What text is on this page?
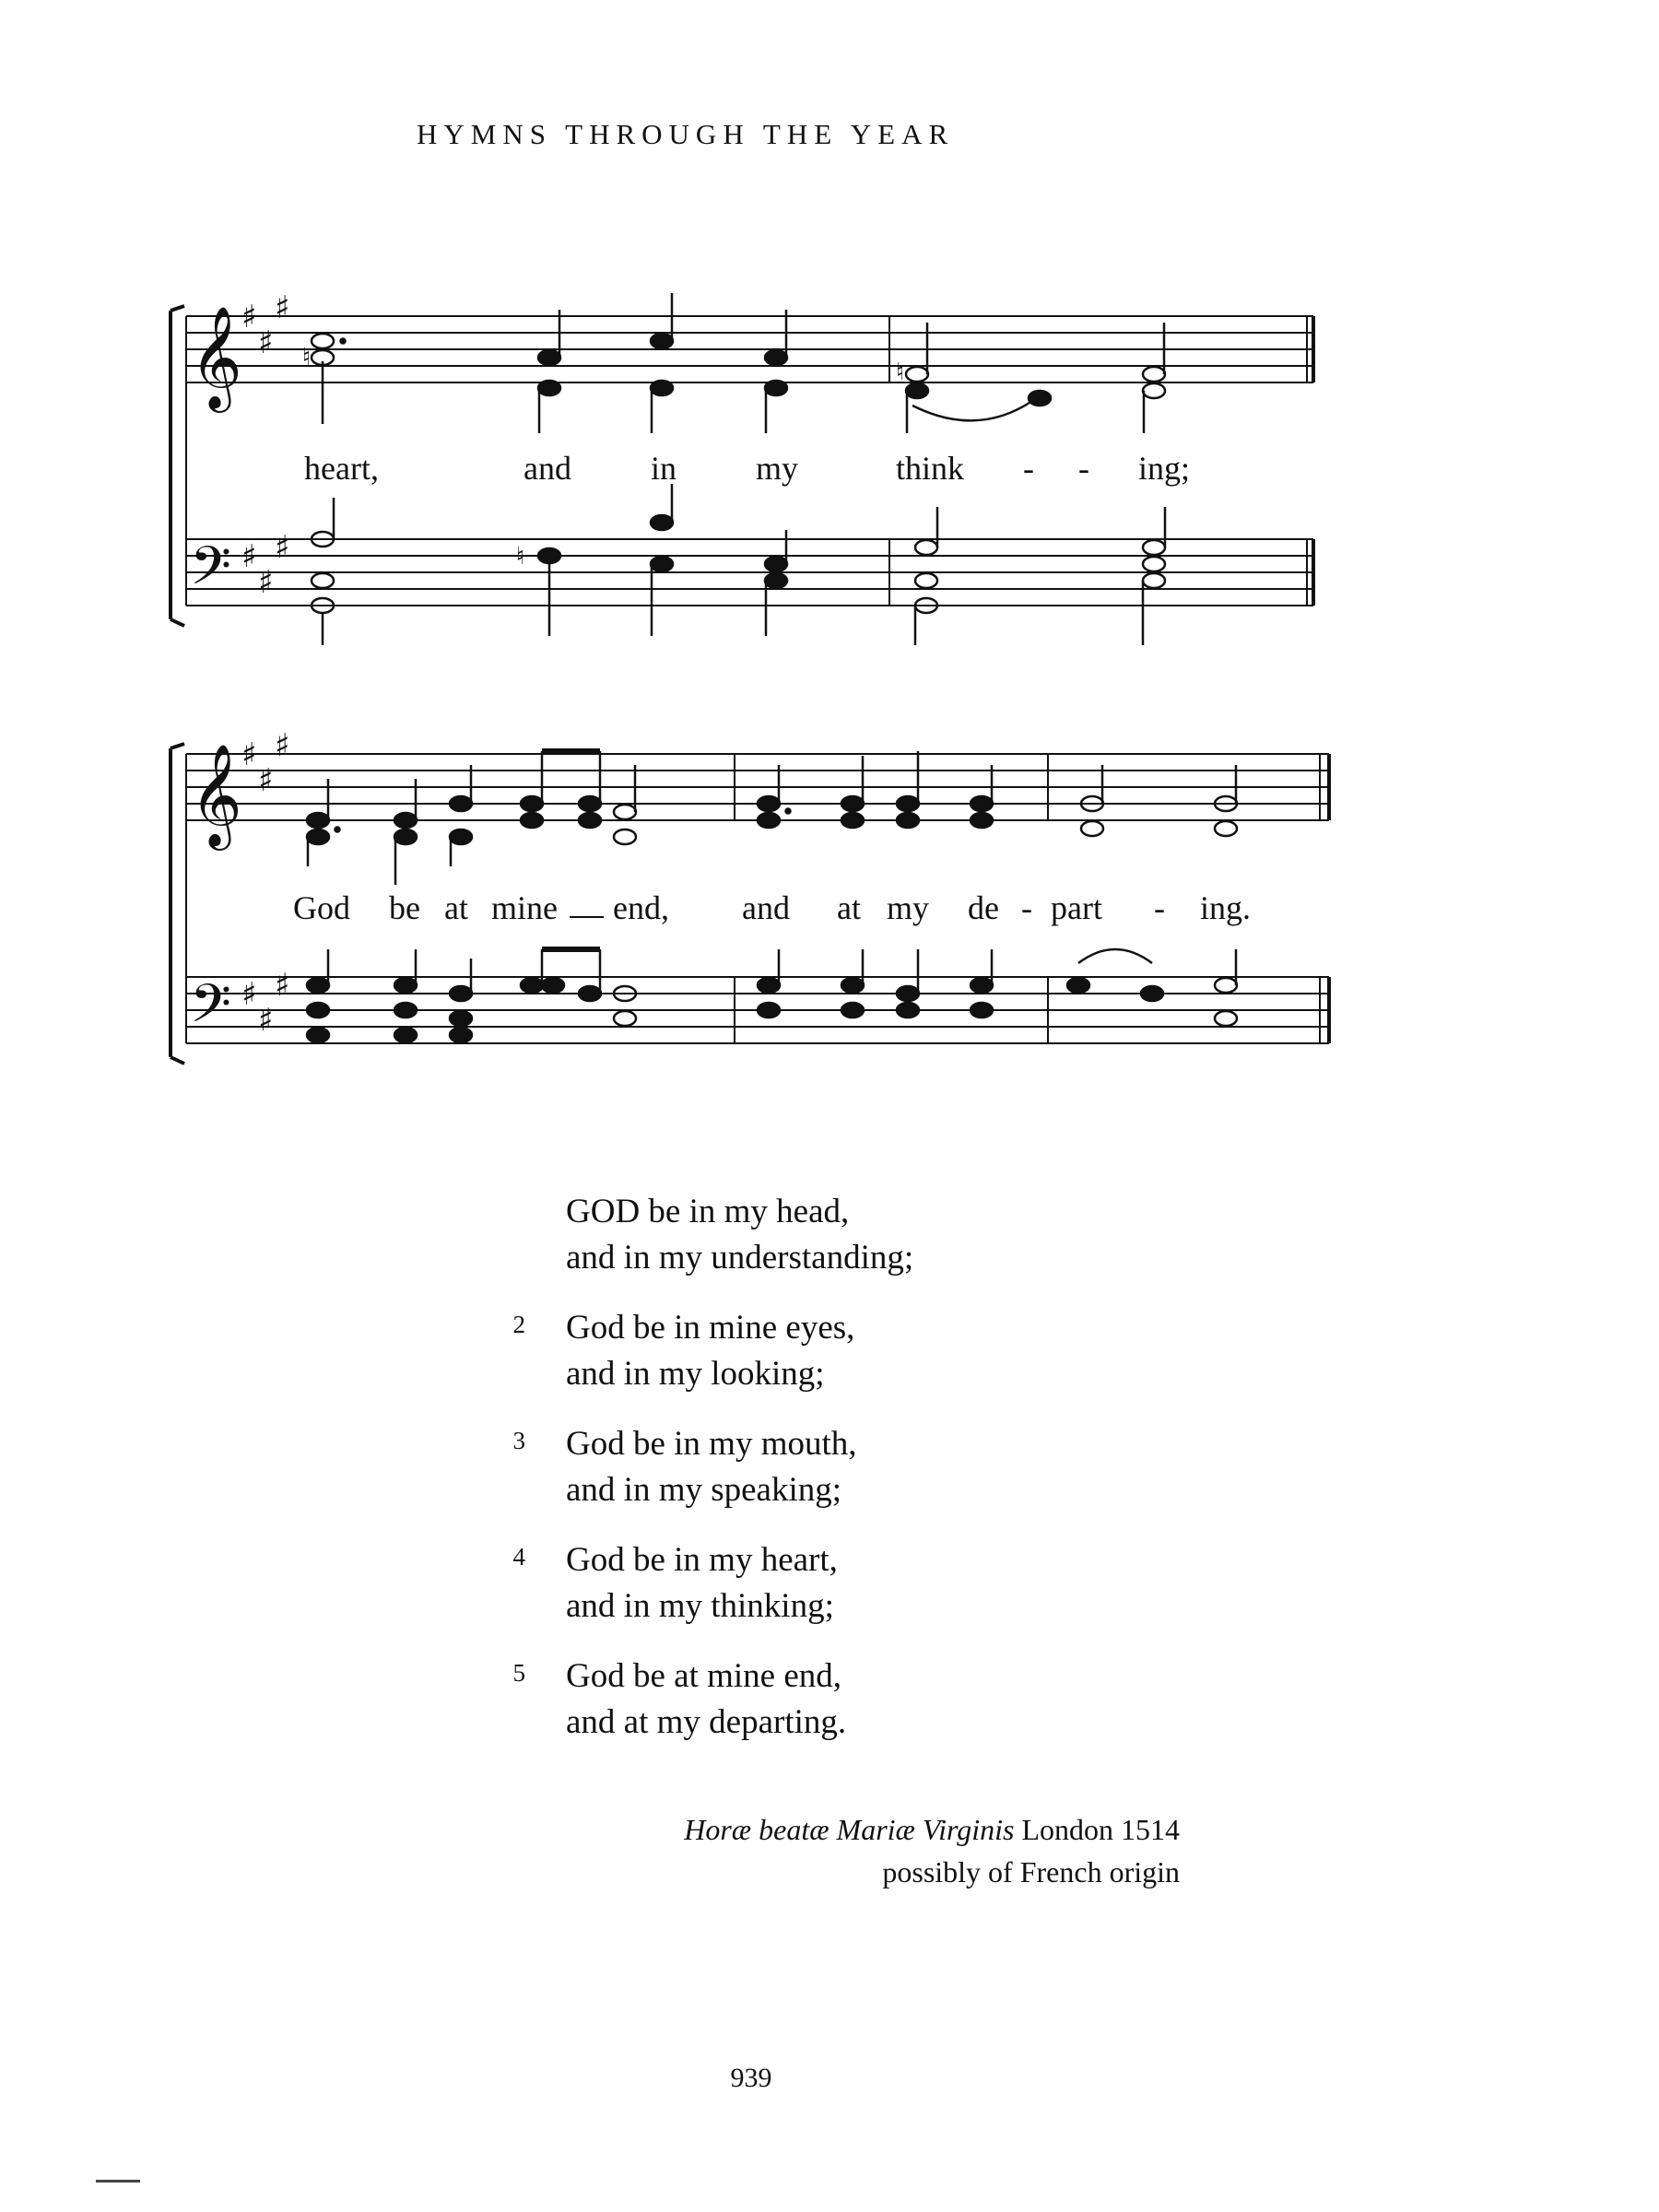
HYMNS THROUGH THE YEAR
𝄞
𝄢
𝄞
𝄢
♯
♯
♯
♯
♯
♯
♯
♯
♯
♯
♯
♯
♮
♮
♮
heart,	and in my	think - - ing;
God be at mine end, and at my de - part - ing.
GOD be in my head,
and in my understanding;
2 God be in mine eyes,
and in my looking;
3 God be in my mouth,
and in my speaking;
4 God be in my heart,
and in my thinking;
5 God be at mine end,
and at my departing.
Horæ beatæ Mariæ Virginis London 1514
possibly of French origin
939
